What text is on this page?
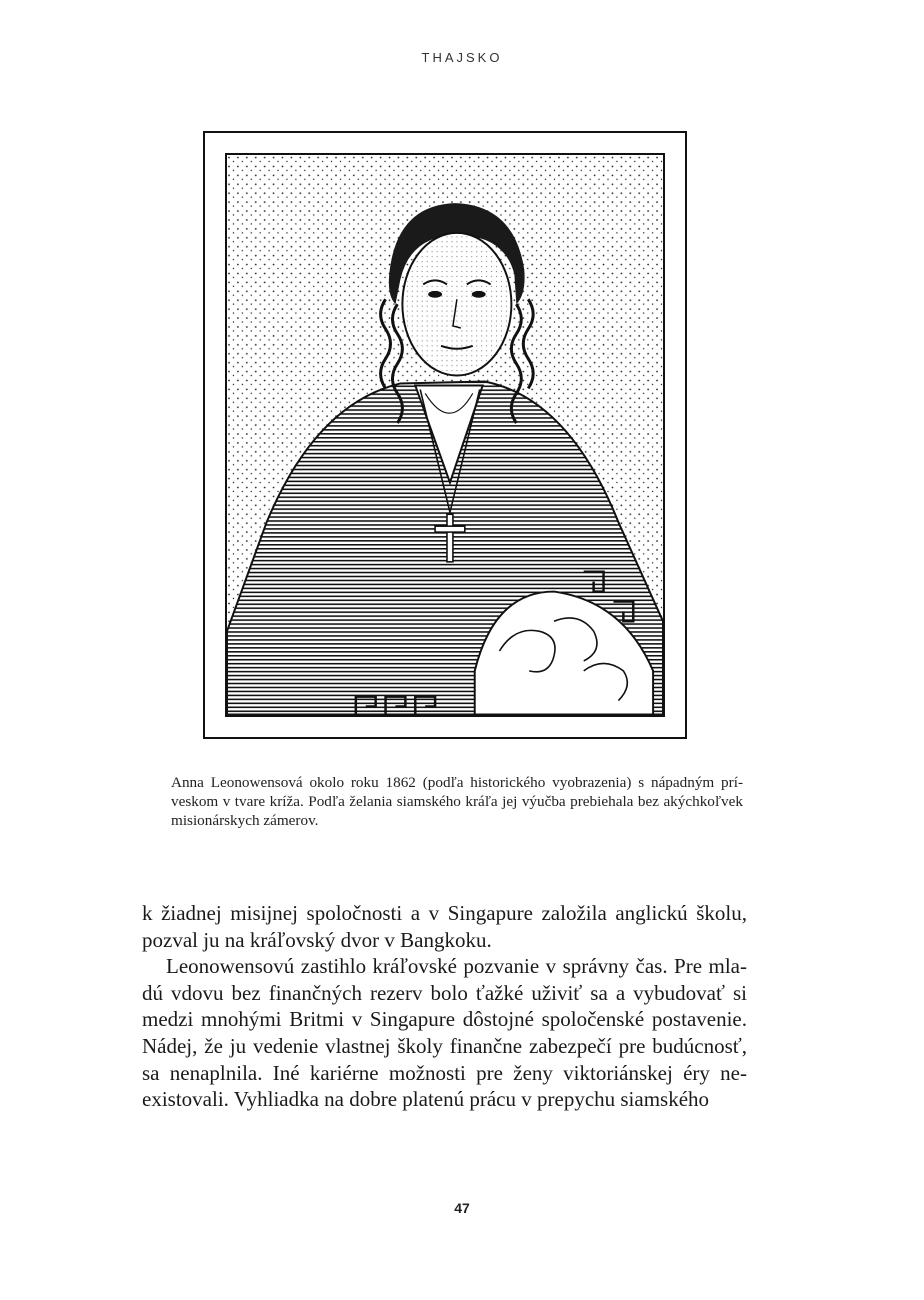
THAJSKO
Anna Leonowensová okolo roku 1862 (podľa historického vyobrazenia) s nápadným príveskom v tvare kríža. Podľa želania siamského kráľa jej výučba prebiehala bez akýchkoľvek misionárskych zámerov.

k žiadnej misijnej spoločnosti a v Singapure založila anglickú školu, pozval ju na kráľovský dvor v Bangkoku.

Leonowensovú zastihlo kráľovské pozvanie v správny čas. Pre mladú vdovu bez finančných rezerv bolo ťažké uživiť sa a vybudovať si medzi mnohými Britmi v Singapure dôstojné spoločenské postavenie. Nádej, že ju vedenie vlastnej školy finančne zabezpečí pre budúcnosť, sa nenaplnila. Iné kariérne možnosti pre ženy viktoriánskej éry neexistovali. Vyhliadka na dobre platenú prácu v prepychu siamského

47
